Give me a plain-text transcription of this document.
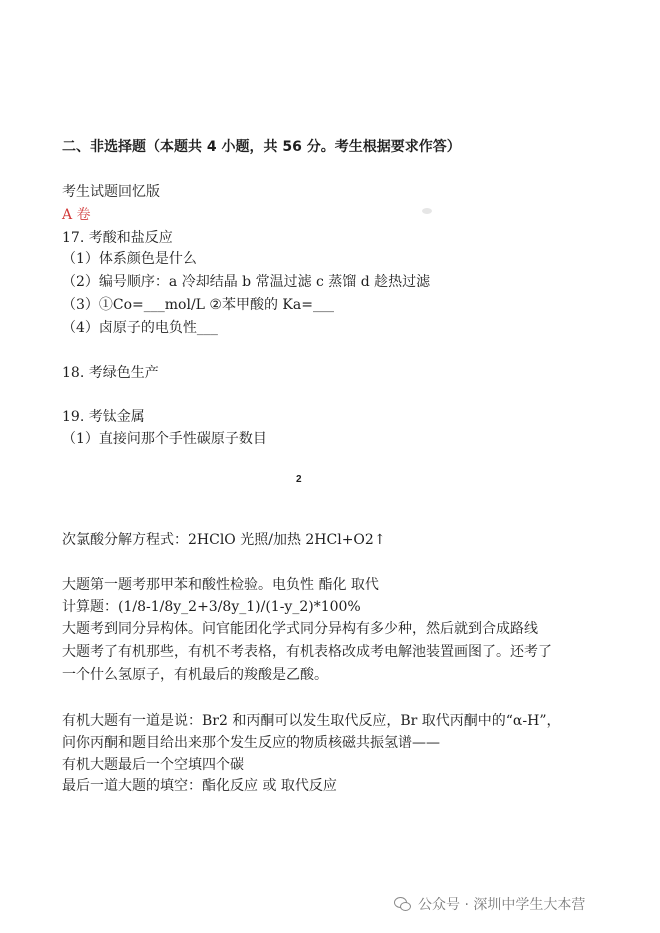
二、非选择题（本题共 4 小题，共 56 分。考生根据要求作答）
考生试题回忆版
A 卷
17. 考酸和盐反应
（1）体系颜色是什么
（2）编号顺序：a 冷却结晶 b 常温过滤 c 蒸馏 d 趁热过滤
（3）①Co=___mol/L ②苯甲酸的 Ka=___
（4）卤原子的电负性___
18. 考绿色生产
19. 考钛金属
（1）直接问那个手性碳原子数目
2
次氯酸分解方程式：2HClO 光照/加热 2HCl+O2↑
大题第一题考那甲苯和酸性检验。电负性 酯化 取代
计算题：(1/8-1/8y_2+3/8y_1)/(1-y_2)*100%
大题考到同分异构体。问官能团化学式同分异构有多少种，然后就到合成路线
大题考了有机那些，有机不考表格，有机表格改成考电解池装置画图了。还考了
一个什么氢原子，有机最后的羧酸是乙酸。
有机大题有一道是说：Br2 和丙酮可以发生取代反应，Br 取代丙酮中的“α-H”，
问你丙酮和题目给出来那个发生反应的物质核磁共振氢谱——
有机大题最后一个空填四个碳
最后一道大题的填空：酯化反应 或 取代反应
公众号 · 深圳中学生大本营
